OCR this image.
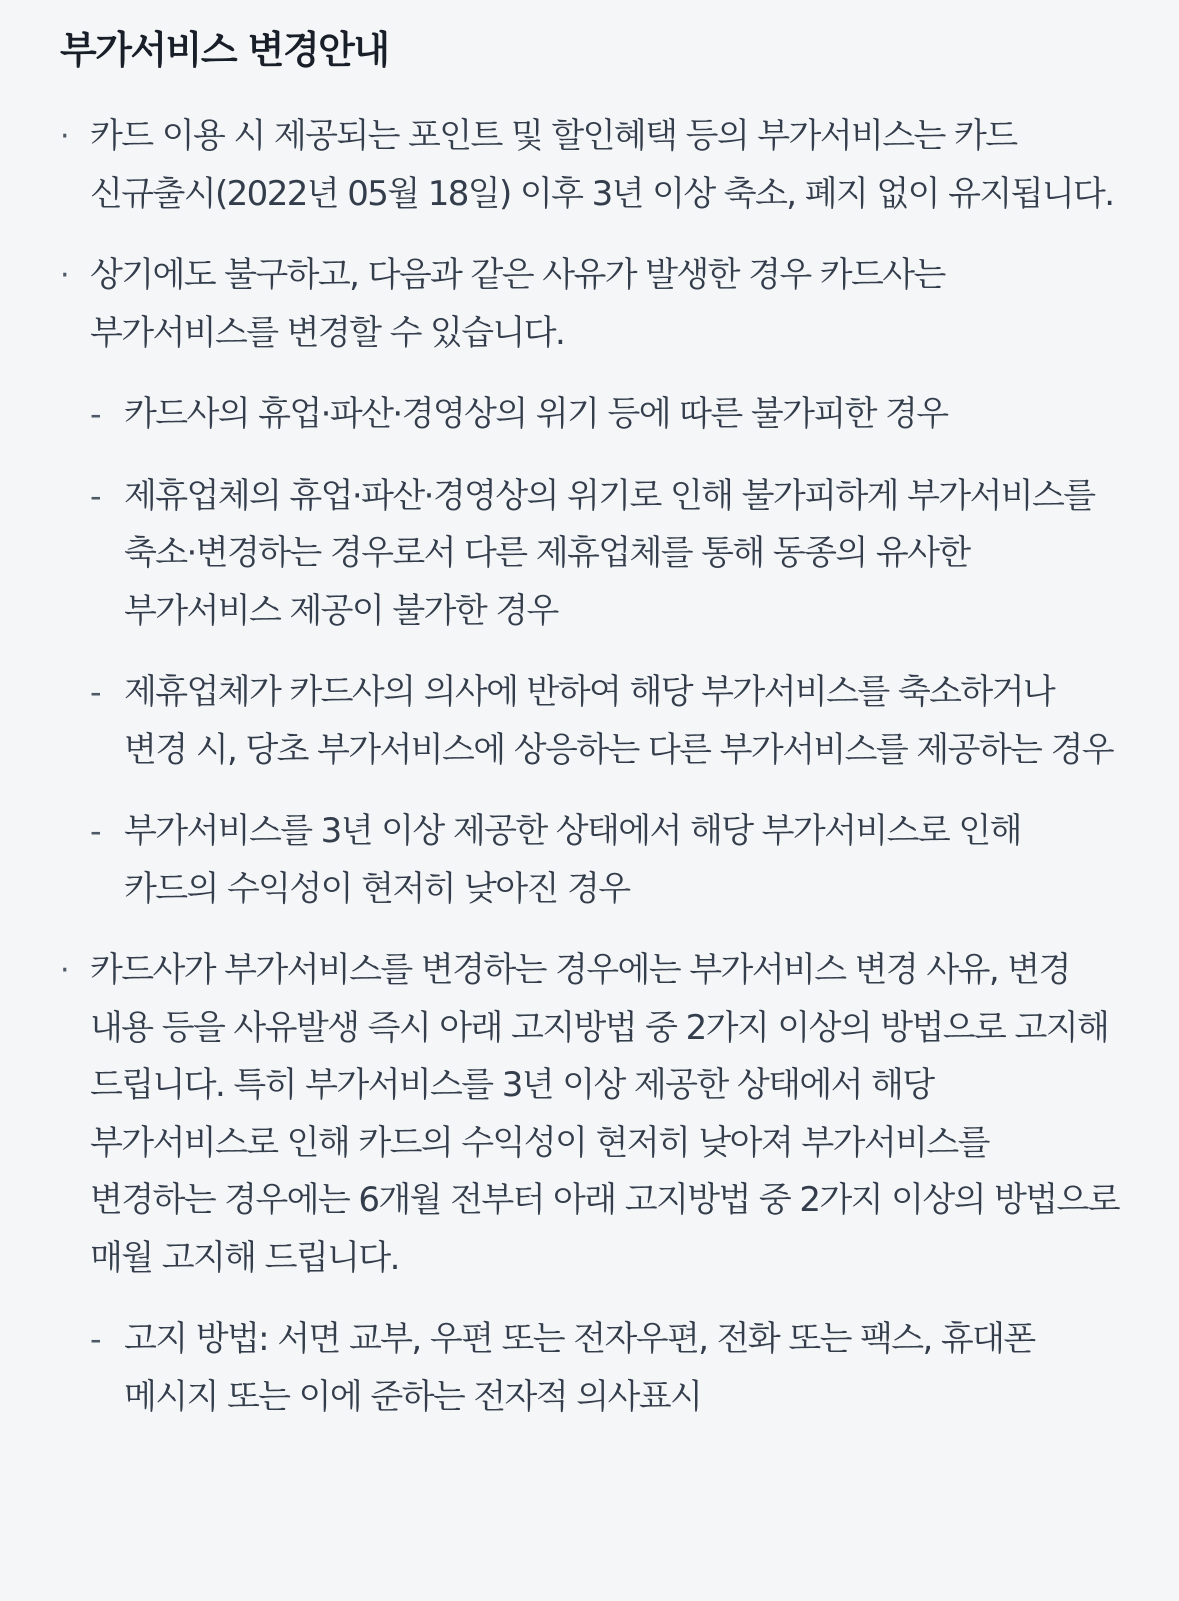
부가서비스 변경안내
· 카드 이용 시 제공되는 포인트 및 할인혜택 등의 부가서비스는 카드 신규출시(2022년 05월 18일) 이후 3년 이상 축소, 폐지 없이 유지됩니다.
· 상기에도 불구하고, 다음과 같은 사유가 발생한 경우 카드사는 부가서비스를 변경할 수 있습니다.
- 카드사의 휴업·파산·경영상의 위기 등에 따른 불가피한 경우
- 제휴업체의 휴업·파산·경영상의 위기로 인해 불가피하게 부가서비스를 축소·변경하는 경우로서 다른 제휴업체를 통해 동종의 유사한 부가서비스 제공이 불가한 경우
- 제휴업체가 카드사의 의사에 반하여 해당 부가서비스를 축소하거나 변경 시, 당초 부가서비스에 상응하는 다른 부가서비스를 제공하는 경우
- 부가서비스를 3년 이상 제공한 상태에서 해당 부가서비스로 인해 카드의 수익성이 현저히 낮아진 경우
· 카드사가 부가서비스를 변경하는 경우에는 부가서비스 변경 사유, 변경 내용 등을 사유발생 즉시 아래 고지방법 중 2가지 이상의 방법으로 고지해 드립니다. 특히 부가서비스를 3년 이상 제공한 상태에서 해당 부가서비스로 인해 카드의 수익성이 현저히 낮아져 부가서비스를 변경하는 경우에는 6개월 전부터 아래 고지방법 중 2가지 이상의 방법으로 매월 고지해 드립니다.
- 고지 방법: 서면 교부, 우편 또는 전자우편, 전화 또는 팩스, 휴대폰 메시지 또는 이에 준하는 전자적 의사표시
